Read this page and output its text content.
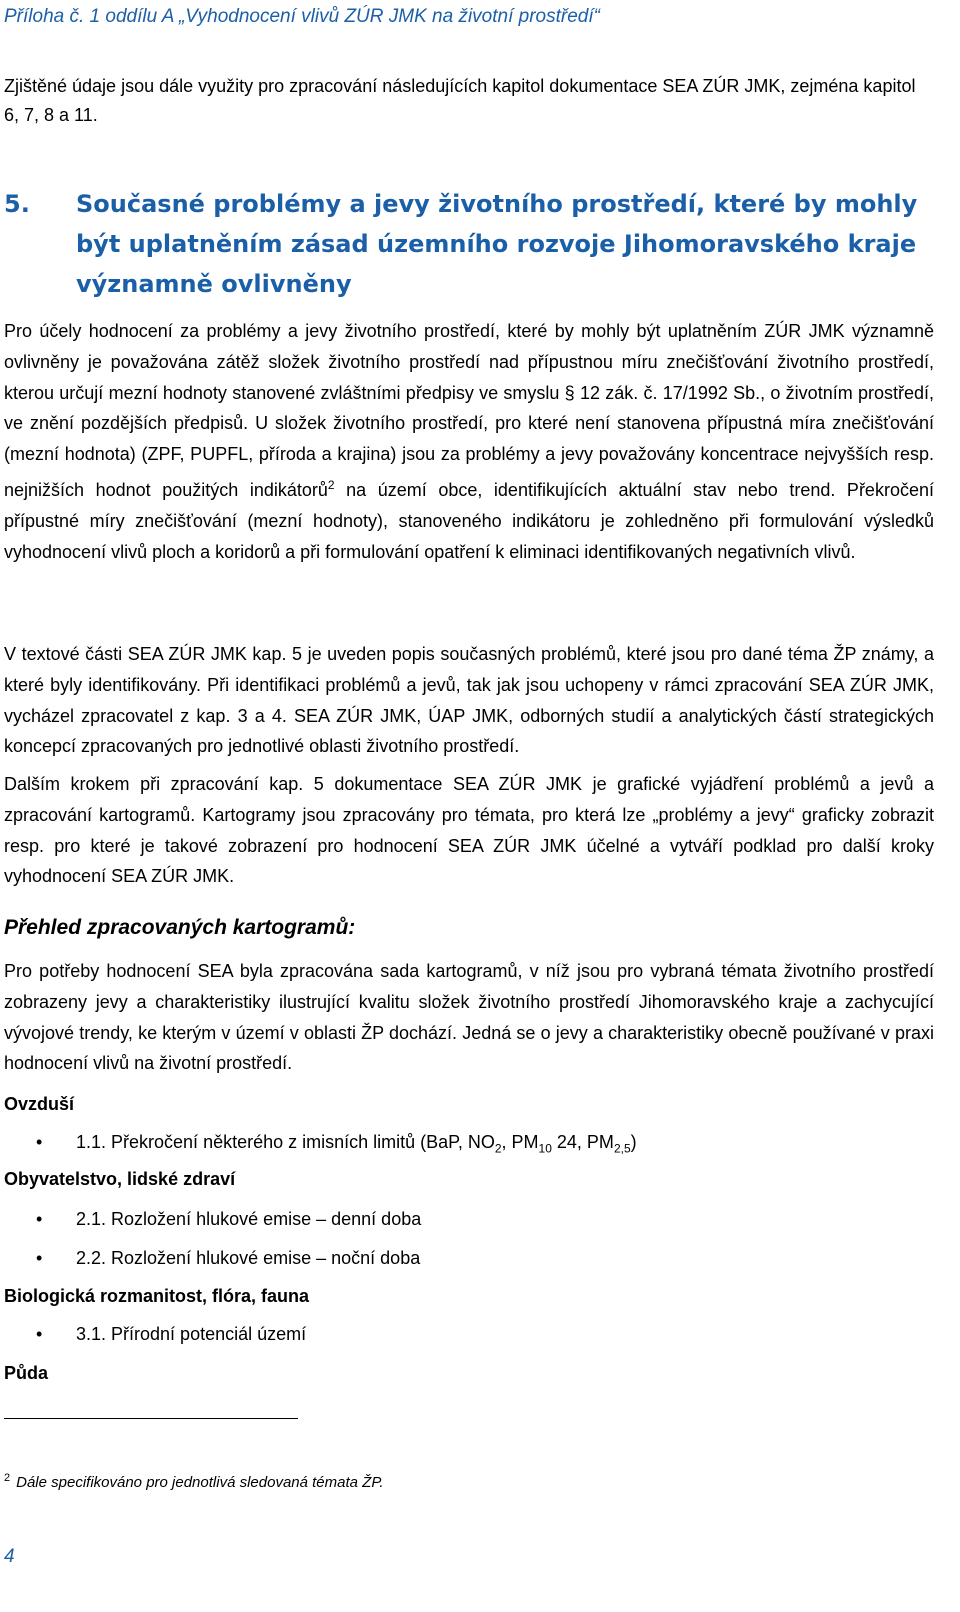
Příloha č. 1 oddílu A „Vyhodnocení vlivů ZÚR JMK na životní prostředí“

Zjištěné údaje jsou dále využity pro zpracování následujících kapitol dokumentace SEA ZÚR JMK, zejména kapitol 6, 7, 8 a 11.

5. Současné problémy a jevy životního prostředí, které by mohly být uplatněním zásad územního rozvoje Jihomoravského kraje významně ovlivněny

Pro účely hodnocení za problémy a jevy životního prostředí, které by mohly být uplatněním ZÚR JMK významně ovlivněny je považována zátěž složek životního prostředí nad přípustnou míru znečišťování životního prostředí, kterou určují mezní hodnoty stanovené zvláštními předpisy ve smyslu § 12 zák. č. 17/1992 Sb., o životním prostředí, ve znění pozdějších předpisů. U složek životního prostředí, pro které není stanovena přípustná míra znečišťování (mezní hodnota) (ZPF, PUPFL, příroda a krajina) jsou za problémy a jevy považovány koncentrace nejvyšších resp. nejnižších hodnot použitých indikátorů$^2$ na území obce, identifikujících aktuální stav nebo trend. Překročení přípustné míry znečišťování (mezní hodnoty), stanoveného indikátoru je zohledněno při formulování výsledků vyhodnocení vlivů ploch a koridorů a při formulování opatření k eliminaci identifikovaných negativních vlivů.

V textové části SEA ZÚR JMK kap. 5 je uveden popis současných problémů, které jsou pro dané téma ŽP známy, a které byly identifikovány. Při identifikaci problémů a jevů, tak jak jsou uchopeny v rámci zpracování SEA ZÚR JMK, vycházel zpracovatel z kap. 3 a 4. SEA ZÚR JMK, ÚAP JMK, odborných studií a analytických částí strategických koncepcí zpracovaných pro jednotlivé oblasti životního prostředí.

Dalším krokem při zpracování kap. 5 dokumentace SEA ZÚR JMK je grafické vyjádření problémů a jevů a zpracování kartogramů. Kartogramy jsou zpracovány pro témata, pro která lze „problémy a jevy“ graficky zobrazit resp. pro které je takové zobrazení pro hodnocení SEA ZÚR JMK účelné a vytváří podklad pro další kroky vyhodnocení SEA ZÚR JMK.

Přehled zpracovaných kartogramů:

Pro potřeby hodnocení SEA byla zpracována sada kartogramů, v níž jsou pro vybraná témata životního prostředí zobrazeny jevy a charakteristiky ilustrující kvalitu složek životního prostředí Jihomoravského kraje a zachycující vývojové trendy, ke kterým v území v oblasti ŽP dochází. Jedná se o jevy a charakteristiky obecně používané v praxi hodnocení vlivů na životní prostředí.

Ovzduší
• 1.1. Překročení některého z imisních limitů (BaP, $NO_2$, $PM_{10}$ 24, $PM_{2,5}$)
Obyvatelstvo, lidské zdraví
• 2.1. Rozložení hlukové emise – denní doba
• 2.2. Rozložení hlukové emise – noční doba
Biologická rozmanitost, flóra, fauna
• 3.1. Přírodní potenciál území
Půda
$^2$ Dále specifikováno pro jednotlivá sledovaná témata ŽP.
4
